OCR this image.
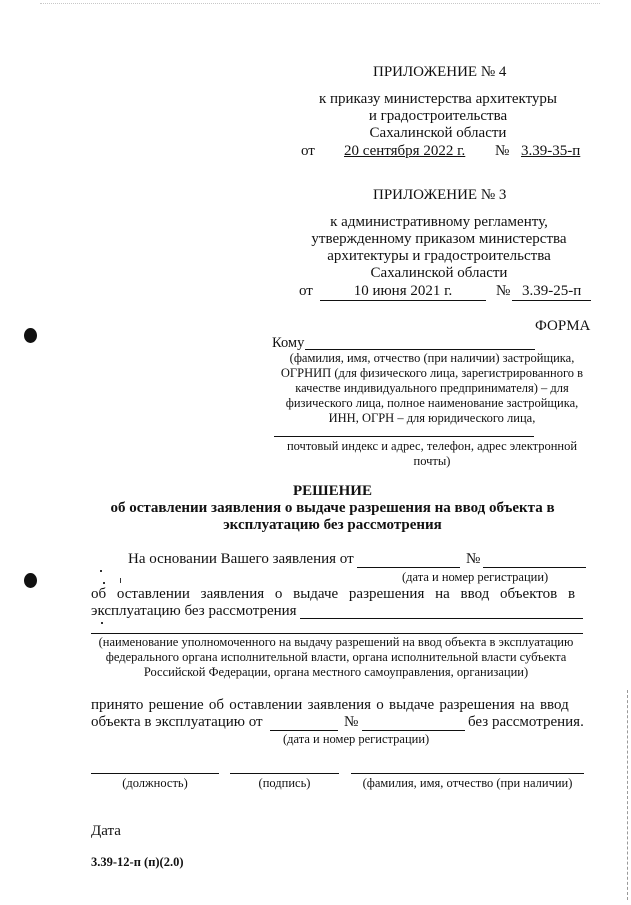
ПРИЛОЖЕНИЕ № 4
к приказу министерства архитектуры
и градостроительства
Сахалинской области
от 20 сентября 2022 г. № 3.39-35-п
ПРИЛОЖЕНИЕ № 3
к административному регламенту,
утвержденному приказом министерства
архитектуры и градостроительства
Сахалинской области
от	10 июня 2021 г.	№ 3.39-25-п
ФОРМА
Кому
(фамилия, имя, отчество (при наличии) застройщика,
ОГРНИП (для физического лица, зарегистрированного в
качестве индивидуального предпринимателя) – для
физического лица, полное наименование застройщика,
ИНН, ОГРН – для юридического лица,
почтовый индекс и адрес, телефон, адрес электронной
почты)
РЕШЕНИЕ
об оставлении заявления о выдаче разрешения на ввод объекта в
эксплуатацию без рассмотрения
На основании Вашего заявления от	№
(дата и номер регистрации)
об оставлении заявления о выдаче разрешения на ввод объектов в
эксплуатацию без рассмотрения
(наименование уполномоченного на выдачу разрешений на ввод объекта в эксплуатацию
федерального органа исполнительной власти, органа исполнительной власти субъекта
Российской Федерации, органа местного самоуправления, организации)
принято решение об оставлении заявления о выдаче разрешения на ввод
объекта в эксплуатацию от	№	без рассмотрения.
(дата и номер регистрации)
(должность)	(подпись)	(фамилия, имя, отчество (при наличии)
Дата
3.39-12-п (п)(2.0)
